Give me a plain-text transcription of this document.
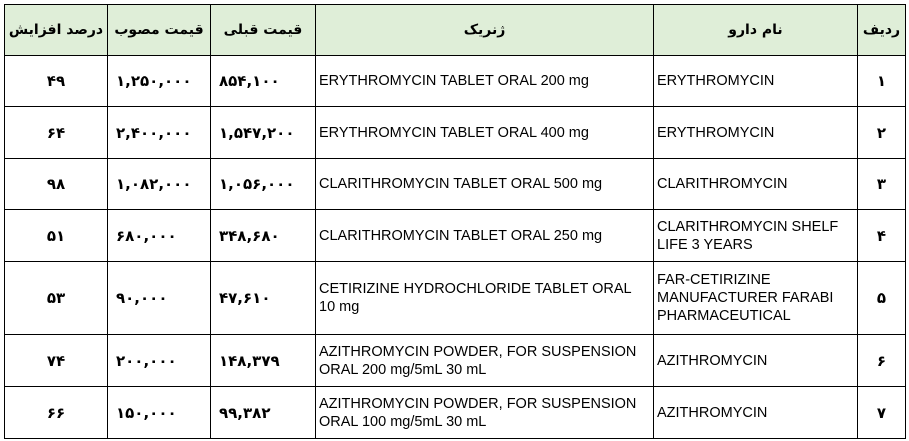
ردیف	نام دارو	ژنریک	قیمت قبلی	قیمت مصوب	درصد افزایش
۱	ERYTHROMYCIN	ERYTHROMYCIN TABLET ORAL 200 mg	۸۵۴,۱۰۰	۱,۲۵۰,۰۰۰	۴۹
۲	ERYTHROMYCIN	ERYTHROMYCIN TABLET ORAL 400 mg	۱,۵۴۷,۲۰۰	۲,۴۰۰,۰۰۰	۶۴
۳	CLARITHROMYCIN	CLARITHROMYCIN TABLET ORAL 500 mg	۱,۰۵۶,۰۰۰	۱,۰۸۲,۰۰۰	۹۸
۴	CLARITHROMYCIN SHELF LIFE 3 YEARS	CLARITHROMYCIN TABLET ORAL 250 mg	۳۴۸,۶۸۰	۶۸۰,۰۰۰	۵۱
۵	FAR-CETIRIZINE MANUFACTURER FARABI PHARMACEUTICAL	CETIRIZINE HYDROCHLORIDE TABLET ORAL 10 mg	۴۷,۶۱۰	۹۰,۰۰۰	۵۳
۶	AZITHROMYCIN	AZITHROMYCIN POWDER, FOR SUSPENSION ORAL 200 mg/5mL 30 mL	۱۴۸,۳۷۹	۲۰۰,۰۰۰	۷۴
۷	AZITHROMYCIN	AZITHROMYCIN POWDER, FOR SUSPENSION ORAL 100 mg/5mL 30 mL	۹۹,۳۸۲	۱۵۰,۰۰۰	۶۶
